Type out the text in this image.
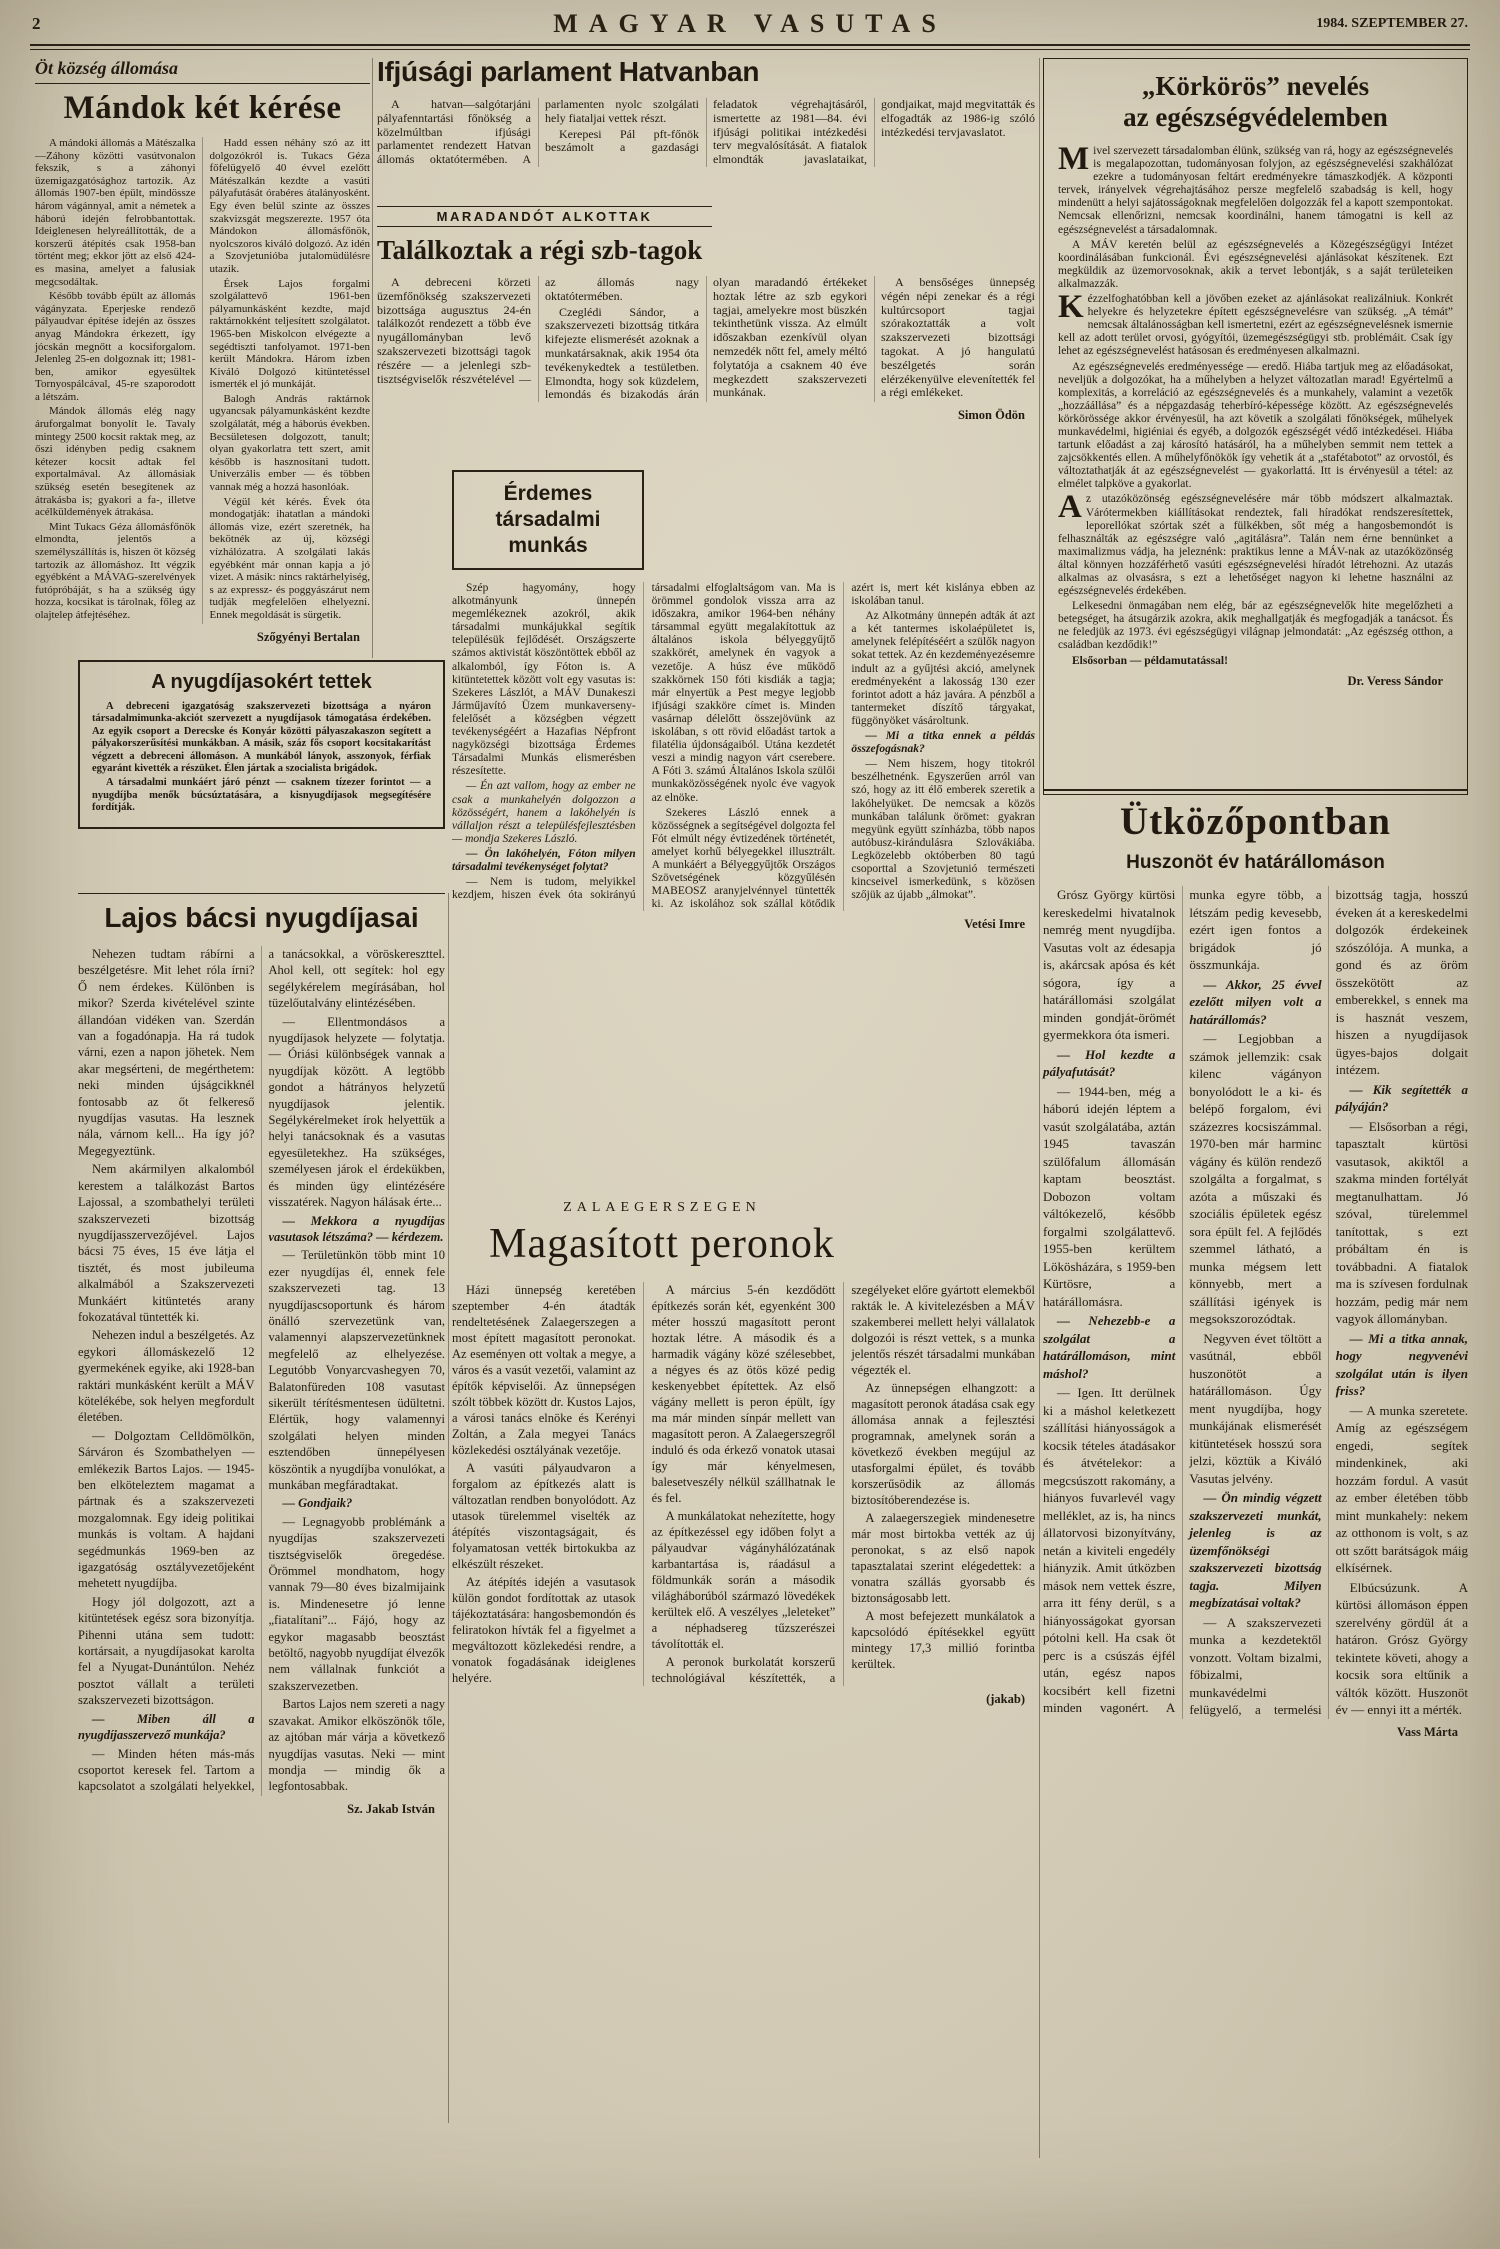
2	MAGYAR VASUTAS	1984. SZEPTEMBER 27.
Öt község állomása
Mándok két kérése

A mándoki állomás a Mátészalka—Záhony közötti vasútvonalon fekszik, s a záhonyi üzemigazgatósághoz tartozik. Az állomás 1907-ben épült, mindössze három vágánnyal, amit a németek a háború idején felrobbantottak. Ideiglenesen helyreállították, de a korszerű átépítés csak 1958-ban történt meg; ekkor jött az első 424-es masina, amelyet a falusiak megcsodáltak.

Később tovább épült az állomás vágányzata. Eperjeske rendező pályaudvar építése idején az összes anyag Mándokra érkezett, így jócskán megnőtt a kocsiforgalom. Jelenleg 25-en dolgoznak itt; 1981-ben, amikor egyesültek Tornyospálcával, 45-re szaporodott a létszám.

Mándok állomás elég nagy áruforgalmat bonyolít le. Tavaly mintegy 2500 kocsit raktak meg, az őszi idényben pedig csaknem kétezer kocsit adtak fel exportalmával. Az állomásiak szükség esetén besegítenek az átrakásba is; gyakori a fa-, illetve acélküldemények átrakása.

Mint Tukacs Géza állomásfőnök elmondta, jelentős a személyszállítás is, hiszen öt község tartozik az állomáshoz. Itt végzik egyébként a MÁVAG-szerelvények futópróbáját, s ha a szükség úgy hozza, kocsikat is tárolnak, főleg az olajtelep átfejtéséhez.

Hadd essen néhány szó az itt dolgozókról is. Tukacs Géza főfelügyelő 40 évvel ezelőtt Mátészalkán kezdte a vasúti pályafutását órabéres átalányosként. Egy éven belül szinte az összes szakvizsgát megszerezte. 1957 óta Mándokon állomásfőnök, nyolcszoros kiváló dolgozó. Az idén a Szovjetunióba jutalomüdülésre utazik.

Érsek Lajos forgalmi szolgálattevő 1961-ben pályamunkásként kezdte, majd raktárnokként teljesített szolgálatot. 1965-ben Miskolcon elvégezte a segédtiszti tanfolyamot. 1971-ben került Mándokra. Három ízben Kiváló Dolgozó kitüntetéssel ismerték el jó munkáját.

Balogh András raktárnok ugyancsak pályamunkásként kezdte szolgálatát, még a háborús években. Becsületesen dolgozott, tanult; olyan gyakorlatra tett szert, amit később is hasznosítani tudott. Univerzális ember — és többen vannak még a hozzá hasonlóak.

Végül két kérés. Évek óta mondogatják: ihatatlan a mándoki állomás vize, ezért szeretnék, ha bekötnék az új, községi vízhálózatra. A szolgálati lakás egyébként már onnan kapja a jó vizet. A másik: nincs raktárhelyiség, s az expressz- és poggyászárut nem tudják megfelelően elhelyezni. Ennek megoldását is sürgetik.

Szőgyényi Bertalan
Ifjúsági parlament Hatvanban

A hatvan—salgótarjáni pályafenntartási főnökség a közelmúltban ifjúsági parlamentet rendezett Hatvan állomás oktatótermében. A parlamenten nyolc szolgálati hely fiataljai vettek részt.

Kerepesi Pál pft-főnök beszámolt a gazdasági feladatok végrehajtásáról, ismertette az 1981—84. évi ifjúsági politikai intézkedési terv megvalósítását. A fiatalok elmondták javaslataikat, gondjaikat, majd megvitatták és elfogadták az 1986-ig szóló intézkedési tervjavaslatot.

MARADANDÓT ALKOTTAK
Találkoztak a régi szb-tagok

A debreceni körzeti üzemfőnökség szakszervezeti bizottsága augusztus 24-én találkozót rendezett a több éve nyugállományban levő szakszervezeti bizottsági tagok részére — a jelenlegi szb-tisztségviselők részvételével — az állomás nagy oktatótermében.

Czeglédi Sándor, a szakszervezeti bizottság titkára kifejezte elismerését azoknak a munkatársaknak, akik 1954 óta tevékenykedtek a testületben. Elmondta, hogy sok küzdelem, lemondás és bizakodás árán olyan maradandó értékeket hoztak létre az szb egykori tagjai, amelyekre most büszkén tekinthetünk vissza. Az elmúlt időszakban ezenkívül olyan nemzedék nőtt fel, amely méltó folytatója a csaknem 40 éve megkezdett szakszervezeti munkának.

A bensőséges ünnepség végén népi zenekar és a régi kultúrcsoport tagjai szórakoztatták a volt szakszervezeti bizottsági tagokat. A jó hangulatú beszélgetés során elérzékenyülve elevenítették fel a régi emlékeket.

Simon Ödön
Érdemes társadalmi
munkás

Szép hagyomány, hogy alkotmányunk ünnepén megemlékeznek azokról, akik társadalmi munkájukkal segítik településük fejlődését. Országszerte számos aktivistát köszöntöttek ebből az alkalomból, így Fóton is. A kitüntetettek között volt egy vasutas is: Szekeres Lászlót, a MÁV Dunakeszi Járműjavító Üzem munkaverseny-felelősét a községben végzett tevékenységéért a Hazafias Népfront nagyközségi bizottsága Érdemes Társadalmi Munkás elismerésben részesítette.

— Én azt vallom, hogy az ember ne csak a munkahelyén dolgozzon a közösségért, hanem a lakóhelyén is vállaljon részt a településfejlesztésben — mondja Szekeres László.

— Ön lakóhelyén, Fóton milyen társadalmi tevékenységet folytat?

— Nem is tudom, melyikkel kezdjem, hiszen évek óta sokirányú társadalmi elfoglaltságom van. Ma is örömmel gondolok vissza arra az időszakra, amikor 1964-ben néhány társammal együtt megalakítottuk az általános iskola bélyeggyűjtő szakkörét, amelynek én vagyok a vezetője. A húsz éve működő szakkörnek 150 fóti kisdiák a tagja; már elnyertük a Pest megye legjobb ifjúsági szakköre címet is. Minden vasárnap délelőtt összejövünk az iskolában, s ott rövid előadást tartok a filatélia újdonságaiból. Utána kezdetét veszi a mindig nagyon várt cserebere. A Fóti 3. számú Általános Iskola szülői munkaközösségének nyolc éve vagyok az elnöke.

Szekeres László ennek a közösségnek a segítségével dolgozta fel Fót elmúlt négy évtizedének történetét, amelyet korhű bélyegekkel illusztrált. A munkáért a Bélyeggyűjtők Országos Szövetségének közgyűlésén MABEOSZ aranyjelvénnyel tüntették ki. Az iskolához sok szállal kötődik azért is, mert két kislánya ebben az iskolában tanul.

Az Alkotmány ünnepén adták át azt a két tantermes iskolaépületet is, amelynek felépítéséért a szülők nagyon sokat tettek. Az én kezdeményezésemre indult az a gyűjtési akció, amelynek eredményeként a lakosság 130 ezer forintot adott a ház javára. A pénzből a tantermeket díszítő tárgyakat, függönyöket vásároltunk.

— Mi a titka ennek a példás összefogásnak?

— Nem hiszem, hogy titokról beszélhetnénk. Egyszerűen arról van szó, hogy az itt élő emberek szeretik a lakóhelyüket. De nemcsak a közös munkában találunk örömet: gyakran megyünk együtt színházba, több napos autóbusz-kirándulásra Szlovákiába. Legközelebb októberben 80 tagú csoporttal a Szovjetunió természeti kincseivel ismerkedünk, s közösen szőjük az újabb „álmokat”.

Vetési Imre
A nyugdíjasokért tettek

A debreceni igazgatóság szakszervezeti bizottsága a nyáron társadalmimunka-akciót szervezett a nyugdíjasok támogatása érdekében. Az egyik csoport a Derecske és Konyár közötti pályaszakaszon segített a pályakorszerűsítési munkákban. A másik, száz fős csoport kocsitakarítást végzett a debreceni állomáson. A munkából lányok, asszonyok, férfiak egyaránt kivették a részüket. Élen jártak a szocialista brigádok.

A társadalmi munkáért járó pénzt — csaknem tízezer forintot — a nyugdíjba menők búcsúztatására, a kisnyugdíjasok megsegítésére fordítják.

Lajos bácsi nyugdíjasai

Nehezen tudtam rábírni a beszélgetésre. Mit lehet róla írni? Ő nem érdekes. Különben is mikor? Szerda kivételével szinte állandóan vidéken van. Szerdán van a fogadónapja. Ha rá tudok várni, ezen a napon jöhetek. Nem akar megsérteni, de megérthetem: neki minden újságcikknél fontosabb az őt felkereső nyugdíjas vasutas. Ha lesznek nála, várnom kell... Ha így jó? Megegyeztünk.

Nem akármilyen alkalomból kerestem a találkozást Bartos Lajossal, a szombathelyi területi szakszervezeti bizottság nyugdíjasszervezőjével. Lajos bácsi 75 éves, 15 éve látja el tisztét, és most jubileuma alkalmából a Szakszervezeti Munkáért kitüntetés arany fokozatával tüntették ki.

Nehezen indul a beszélgetés. Az egykori állomáskezelő 12 gyermekének egyike, aki 1928-ban raktári munkásként került a MÁV kötelékébe, sok helyen megfordult életében.

— Dolgoztam Celldömölkön, Sárváron és Szombathelyen — emlékezik Bartos Lajos. — 1945-ben elköteleztem magamat a pártnak és a szakszervezeti mozgalomnak. Egy ideig politikai munkás is voltam. A hajdani segédmunkás 1969-ben az igazgatóság osztályvezetőjeként mehetett nyugdíjba.

Hogy jól dolgozott, azt a kitüntetések egész sora bizonyítja. Pihenni utána sem tudott: kortársait, a nyugdíjasokat karolta fel a Nyugat-Dunántúlon. Nehéz posztot vállalt a területi szakszervezeti bizottságon.

— Miben áll a nyugdíjasszervező munkája?

— Minden héten más-más csoportot keresek fel. Tartom a kapcsolatot a szolgálati helyekkel, a tanácsokkal, a vöröskereszttel. Ahol kell, ott segítek: hol egy segélykérelem megírásában, hol tüzelőutalvány elintézésében.

— Ellentmondásos a nyugdíjasok helyzete — folytatja. — Óriási különbségek vannak a nyugdíjak között. A legtöbb gondot a hátrányos helyzetű nyugdíjasok jelentik. Segélykérelmeket írok helyettük a helyi tanácsoknak és a vasutas egyesületekhez. Ha szükséges, személyesen járok el érdekükben, és minden ügy elintézésére visszatérek. Nagyon hálásak érte...

— Mekkora a nyugdíjas vasutasok létszáma? — kérdezem.

— Területünkön több mint 10 ezer nyugdíjas él, ennek fele szakszervezeti tag. 13 nyugdíjascsoportunk és három önálló szervezetünk van, valamennyi alapszervezetünknek megfelelő az elhelyezése. Legutóbb Vonyarcvashegyen 70, Balatonfüreden 108 vasutast sikerült térítésmentesen üdültetni. Elértük, hogy valamennyi szolgálati helyen minden esztendőben ünnepélyesen köszöntik a nyugdíjba vonulókat, a munkában megfáradtakat.

— Gondjaik?

— Legnagyobb problémánk a nyugdíjas szakszervezeti tisztségviselők öregedése. Örömmel mondhatom, hogy vannak 79—80 éves bizalmijaink is. Mindenesetre jó lenne „fiatalítani”... Fájó, hogy az egykor magasabb beosztást betöltő, nagyobb nyugdíjat élvezők nem vállalnak funkciót a szakszervezetben.

Bartos Lajos nem szereti a nagy szavakat. Amikor elköszönök tőle, az ajtóban már várja a következő nyugdíjas vasutas. Neki — mint mondja — mindig ők a legfontosabbak.

Sz. Jakab István
ZALAEGERSZEGEN
Magasított peronok

Házi ünnepség keretében szeptember 4-én átadták rendeltetésének Zalaegerszegen a most épített magasított peronokat. Az eseményen ott voltak a megye, a város és a vasút vezetői, valamint az építők képviselői. Az ünnepségen szólt többek között dr. Kustos Lajos, a városi tanács elnöke és Kerényi Zoltán, a Zala megyei Tanács közlekedési osztályának vezetője.

A vasúti pályaudvaron a forgalom az építkezés alatt is változatlan rendben bonyolódott. Az utasok türelemmel viselték az átépítés viszontagságait, és folyamatosan vették birtokukba az elkészült részeket.

Az átépítés idején a vasutasok külön gondot fordítottak az utasok tájékoztatására: hangosbemondón és feliratokon hívták fel a figyelmet a megváltozott közlekedési rendre, a vonatok fogadásának ideiglenes helyére.

A március 5-én kezdődött építkezés során két, egyenként 300 méter hosszú magasított peront hoztak létre. A második és a harmadik vágány közé szélesebbet, a négyes és az ötös közé pedig keskenyebbet építettek. Az első vágány mellett is peron épült, így ma már minden sínpár mellett van magasított peron. A Zalaegerszegről induló és oda érkező vonatok utasai így már kényelmesen, balesetveszély nélkül szállhatnak le és fel.

A munkálatokat nehezítette, hogy az építkezéssel egy időben folyt a pályaudvar vágányhálózatának karbantartása is, ráadásul a földmunkák során a második világháborúból származó lövedékek kerültek elő. A veszélyes „leleteket” a néphadsereg tűzszerészei távolították el.

A peronok burkolatát korszerű technológiával készítették, a szegélyeket előre gyártott elemekből rakták le. A kivitelezésben a MÁV szakemberei mellett helyi vállalatok dolgozói is részt vettek, s a munka jelentős részét társadalmi munkában végezték el.

Az ünnepségen elhangzott: a magasított peronok átadása csak egy állomása annak a fejlesztési programnak, amelynek során a következő években megújul az utasforgalmi épület, és tovább korszerűsödik az állomás biztosítóberendezése is.

A zalaegerszegiek mindenesetre már most birtokba vették az új peronokat, s az első napok tapasztalatai szerint elégedettek: a vonatra szállás gyorsabb és biztonságosabb lett.

A most befejezett munkálatok a kapcsolódó építésekkel együtt mintegy 17,3 millió forintba kerültek.

(jakab)
„Körkörös” nevelés
az egészségvédelemben

Mivel szervezett társadalomban élünk, szükség van rá, hogy az egészségnevelés is megalapozottan, tudományosan folyjon, az egészségnevelési szakhálózat ezekre a tudományosan feltárt eredményekre támaszkodjék. A központi tervek, irányelvek végrehajtásához persze megfelelő szabadság is kell, hogy mindenütt a helyi sajátosságoknak megfelelően dolgozzák fel a kapott szempontokat. Nemcsak ellenőrizni, nemcsak koordinálni, hanem támogatni is kell az egészségnevelést a társadalomnak.

A MÁV keretén belül az egészségnevelés a Közegészségügyi Intézet koordinálásában funkcionál. Évi egészségnevelési ajánlásokat készítenek. Ezt megküldik az üzemorvosoknak, akik a tervet lebontják, s a saját területeiken alkalmazzák.

Kézzelfoghatóbban kell a jövőben ezeket az ajánlásokat realizálniuk. Konkrét helyekre és helyzetekre épített egészségnevelésre van szükség. „A témát” nemcsak általánosságban kell ismertetni, ezért az egészségnevelésnek ismernie kell az adott terület orvosi, gyógyítói, üzemegészségügyi stb. problémáit. Csak így lehet az egészségnevelést hatásosan és eredményesen alkalmazni.

Az egészségnevelés eredményessége — eredő. Hiába tartjuk meg az előadásokat, neveljük a dolgozókat, ha a műhelyben a helyzet változatlan marad! Egyértelmű a komplexitás, a korreláció az egészségnevelés és a munkahely, valamint a vezetők „hozzáállása” és a népgazdaság teherbíró-képessége között. Az egészségnevelés körkörössége akkor érvényesül, ha azt követik a szolgálati főnökségek, műhelyek munkavédelmi, higiéniai és egyéb, a dolgozók egészségét védő intézkedései. Hiába tartunk előadást a zaj károsító hatásáról, ha a műhelyben semmit nem tettek a zajcsökkentés ellen. A műhelyfőnökök így vehetik át a „stafétabotot” az orvostól, és változtathatják át az egészségnevelést — gyakorlattá. Itt is érvényesül a tétel: az elmélet talpköve a gyakorlat.

Az utazóközönség egészségnevelésére már több módszert alkalmaztak. Várótermekben kiállításokat rendeztek, fali híradókat rendszeresítettek, leporellókat szórtak szét a fülkékben, sőt még a hangosbemondót is felhasználták az egészségre való „agitálásra”. Talán nem érne bennünket a maximalizmus vádja, ha jeleznénk: praktikus lenne a MÁV-nak az utazóközönség által könnyen hozzáférhető vasúti egészségnevelési híradót létrehozni. Az utazás alkalmas az olvasásra, s ezt a lehetőséget nagyon ki lehetne használni az egészségnevelés érdekében.

Lelkesedni önmagában nem elég, bár az egészségnevelők hite megelőzheti a betegséget, ha átsugárzik azokra, akik meghallgatják és megfogadják a tanácsot. És ne feledjük az 1973. évi egészségügyi világnap jelmondatát: „Az egészség otthon, a családban kezdődik!”

Elsősorban — példamutatással!

Dr. Veress Sándor
Ütközőpontban
Huszonöt év határállomáson

Grósz György kürtösi kereskedelmi hivatalnok nemrég ment nyugdíjba. Vasutas volt az édesapja is, akárcsak apósa és két sógora, így a határállomási szolgálat minden gondját-örömét gyermekkora óta ismeri.

— Hol kezdte a pályafutását?

— 1944-ben, még a háború idején léptem a vasút szolgálatába, aztán 1945 tavaszán szülőfalum állomásán kaptam beosztást. Dobozon voltam váltókezelő, később forgalmi szolgálattevő. 1955-ben kerültem Lökösházára, s 1959-ben Kürtösre, a határállomásra.

— Nehezebb-e a szolgálat a határállomáson, mint máshol?

— Igen. Itt derülnek ki a máshol keletkezett szállítási hiányosságok a kocsik tételes átadásakor és átvételekor: a megcsúszott rakomány, a hiányos fuvarlevél vagy melléklet, az is, ha nincs állatorvosi bizonyítvány, netán a kiviteli engedély hiányzik. Amit útközben mások nem vettek észre, arra itt fény derül, s a hiányosságokat gyorsan pótolni kell. Ha csak öt perc is a csúszás éjfél után, egész napos kocsibért kell fizetni minden vagonért. A munka egyre több, a létszám pedig kevesebb, ezért igen fontos a brigádok jó összmunkája.

— Akkor, 25 évvel ezelőtt milyen volt a határállomás?

— Legjobban a számok jellemzik: csak kilenc vágányon bonyolódott le a ki- és belépő forgalom, évi százezres kocsiszámmal. 1970-ben már harminc vágány és külön rendező szolgálta a forgalmat, s azóta a műszaki és szociális épületek egész sora épült fel. A fejlődés szemmel látható, a munka mégsem lett könnyebb, mert a szállítási igények is megsokszorozódtak.

Negyven évet töltött a vasútnál, ebből huszonötöt a határállomáson. Úgy ment nyugdíjba, hogy munkájának elismerését kitüntetések hosszú sora jelzi, köztük a Kiváló Vasutas jelvény.

— Ön mindig végzett szakszervezeti munkát, jelenleg is az üzemfőnökségi szakszervezeti bizottság tagja. Milyen megbízatásai voltak?

— A szakszervezeti munka a kezdetektől vonzott. Voltam bizalmi, főbizalmi, munkavédelmi felügyelő, a termelési bizottság tagja, hosszú éveken át a kereskedelmi dolgozók érdekeinek szószólója. A munka, a gond és az öröm összekötött az emberekkel, s ennek ma is hasznát veszem, hiszen a nyugdíjasok ügyes-bajos dolgait intézem.

— Kik segítették a pályáján?

— Elsősorban a régi, tapasztalt kürtösi vasutasok, akiktől a szakma minden fortélyát megtanulhattam. Jó szóval, türelemmel tanítottak, s ezt próbáltam én is továbbadni. A fiatalok ma is szívesen fordulnak hozzám, pedig már nem vagyok állományban.

— Mi a titka annak, hogy negyvenévi szolgálat után is ilyen friss?

— A munka szeretete. Amíg az egészségem engedi, segítek mindenkinek, aki hozzám fordul. A vasút az ember életében több mint munkahely: nekem az otthonom is volt, s az ott szőtt barátságok máig elkísérnek.

Elbúcsúzunk. A kürtösi állomáson éppen szerelvény gördül át a határon. Grósz György tekintete követi, ahogy a kocsik sora eltűnik a váltók között. Huszonöt év — ennyi itt a mérték.

Vass Márta
